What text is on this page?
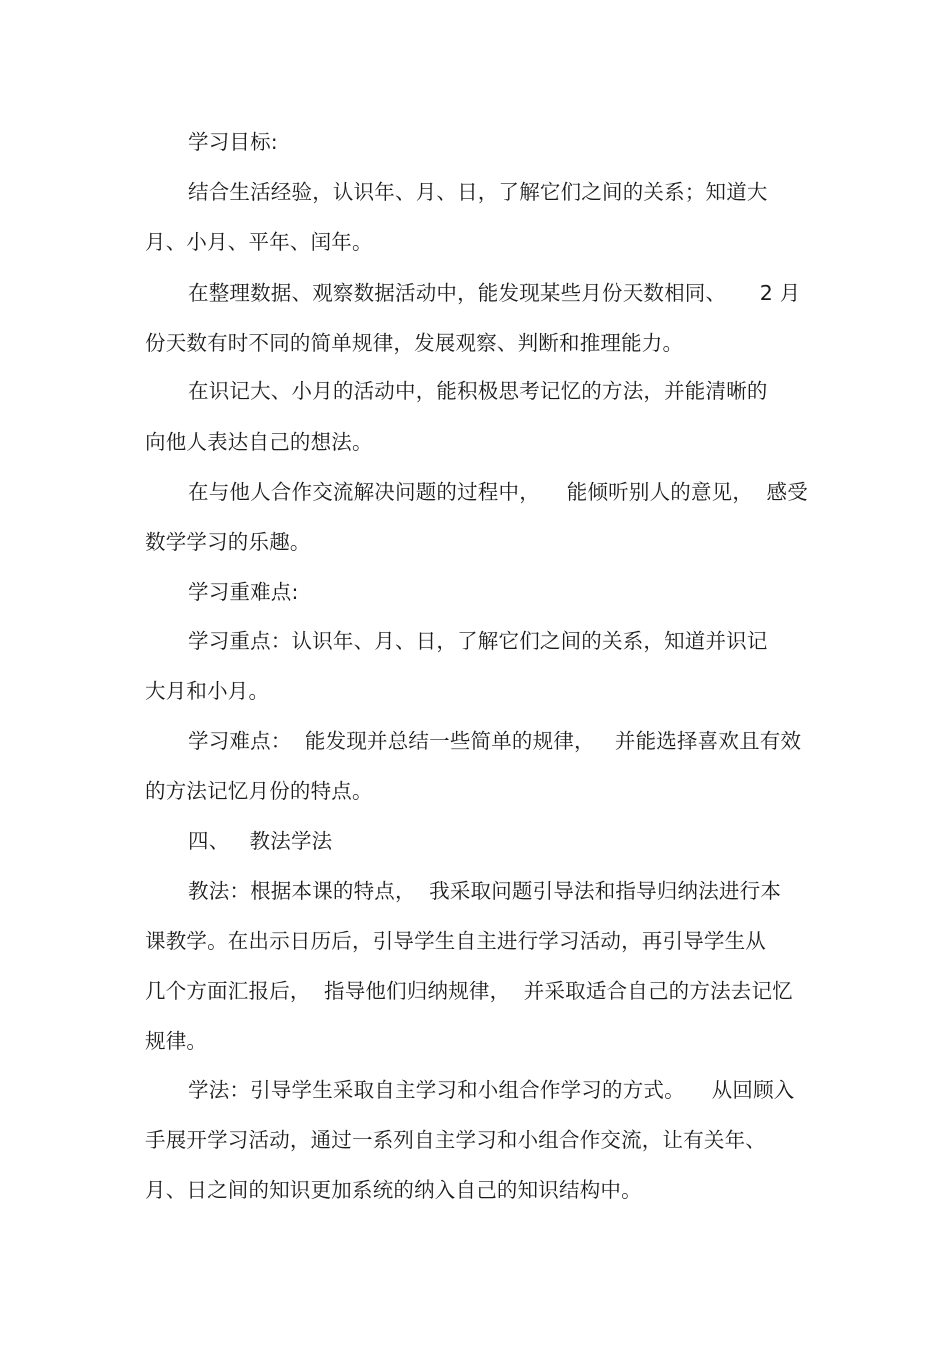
学习目标:
结合生活经验，认识年、月、日，了解它们之间的关系；知道大
月、小月、平年、闰年。
在整理数据、观察数据活动中，能发现某些月份天数相同、     2 月
份天数有时不同的简单规律，发展观察、判断和推理能力。
在识记大、小月的活动中，能积极思考记忆的方法，并能清晰的
向他人表达自己的想法。
在与他人合作交流解决问题的过程中，    能倾听别人的意见，  感受
数学学习的乐趣。
学习重难点:
学习重点：认识年、月、日，了解它们之间的关系，知道并识记
大月和小月。
学习难点：  能发现并总结一些简单的规律，   并能选择喜欢且有效
的方法记忆月份的特点。
四、   教法学法
教法：根据本课的特点，  我采取问题引导法和指导归纳法进行本
课教学。在出示日历后，引导学生自主进行学习活动，再引导学生从
几个方面汇报后，  指导他们归纳规律，  并采取适合自己的方法去记忆
规律。
学法：引导学生采取自主学习和小组合作学习的方式。    从回顾入
手展开学习活动，通过一系列自主学习和小组合作交流，让有关年、
月、日之间的知识更加系统的纳入自己的知识结构中。
